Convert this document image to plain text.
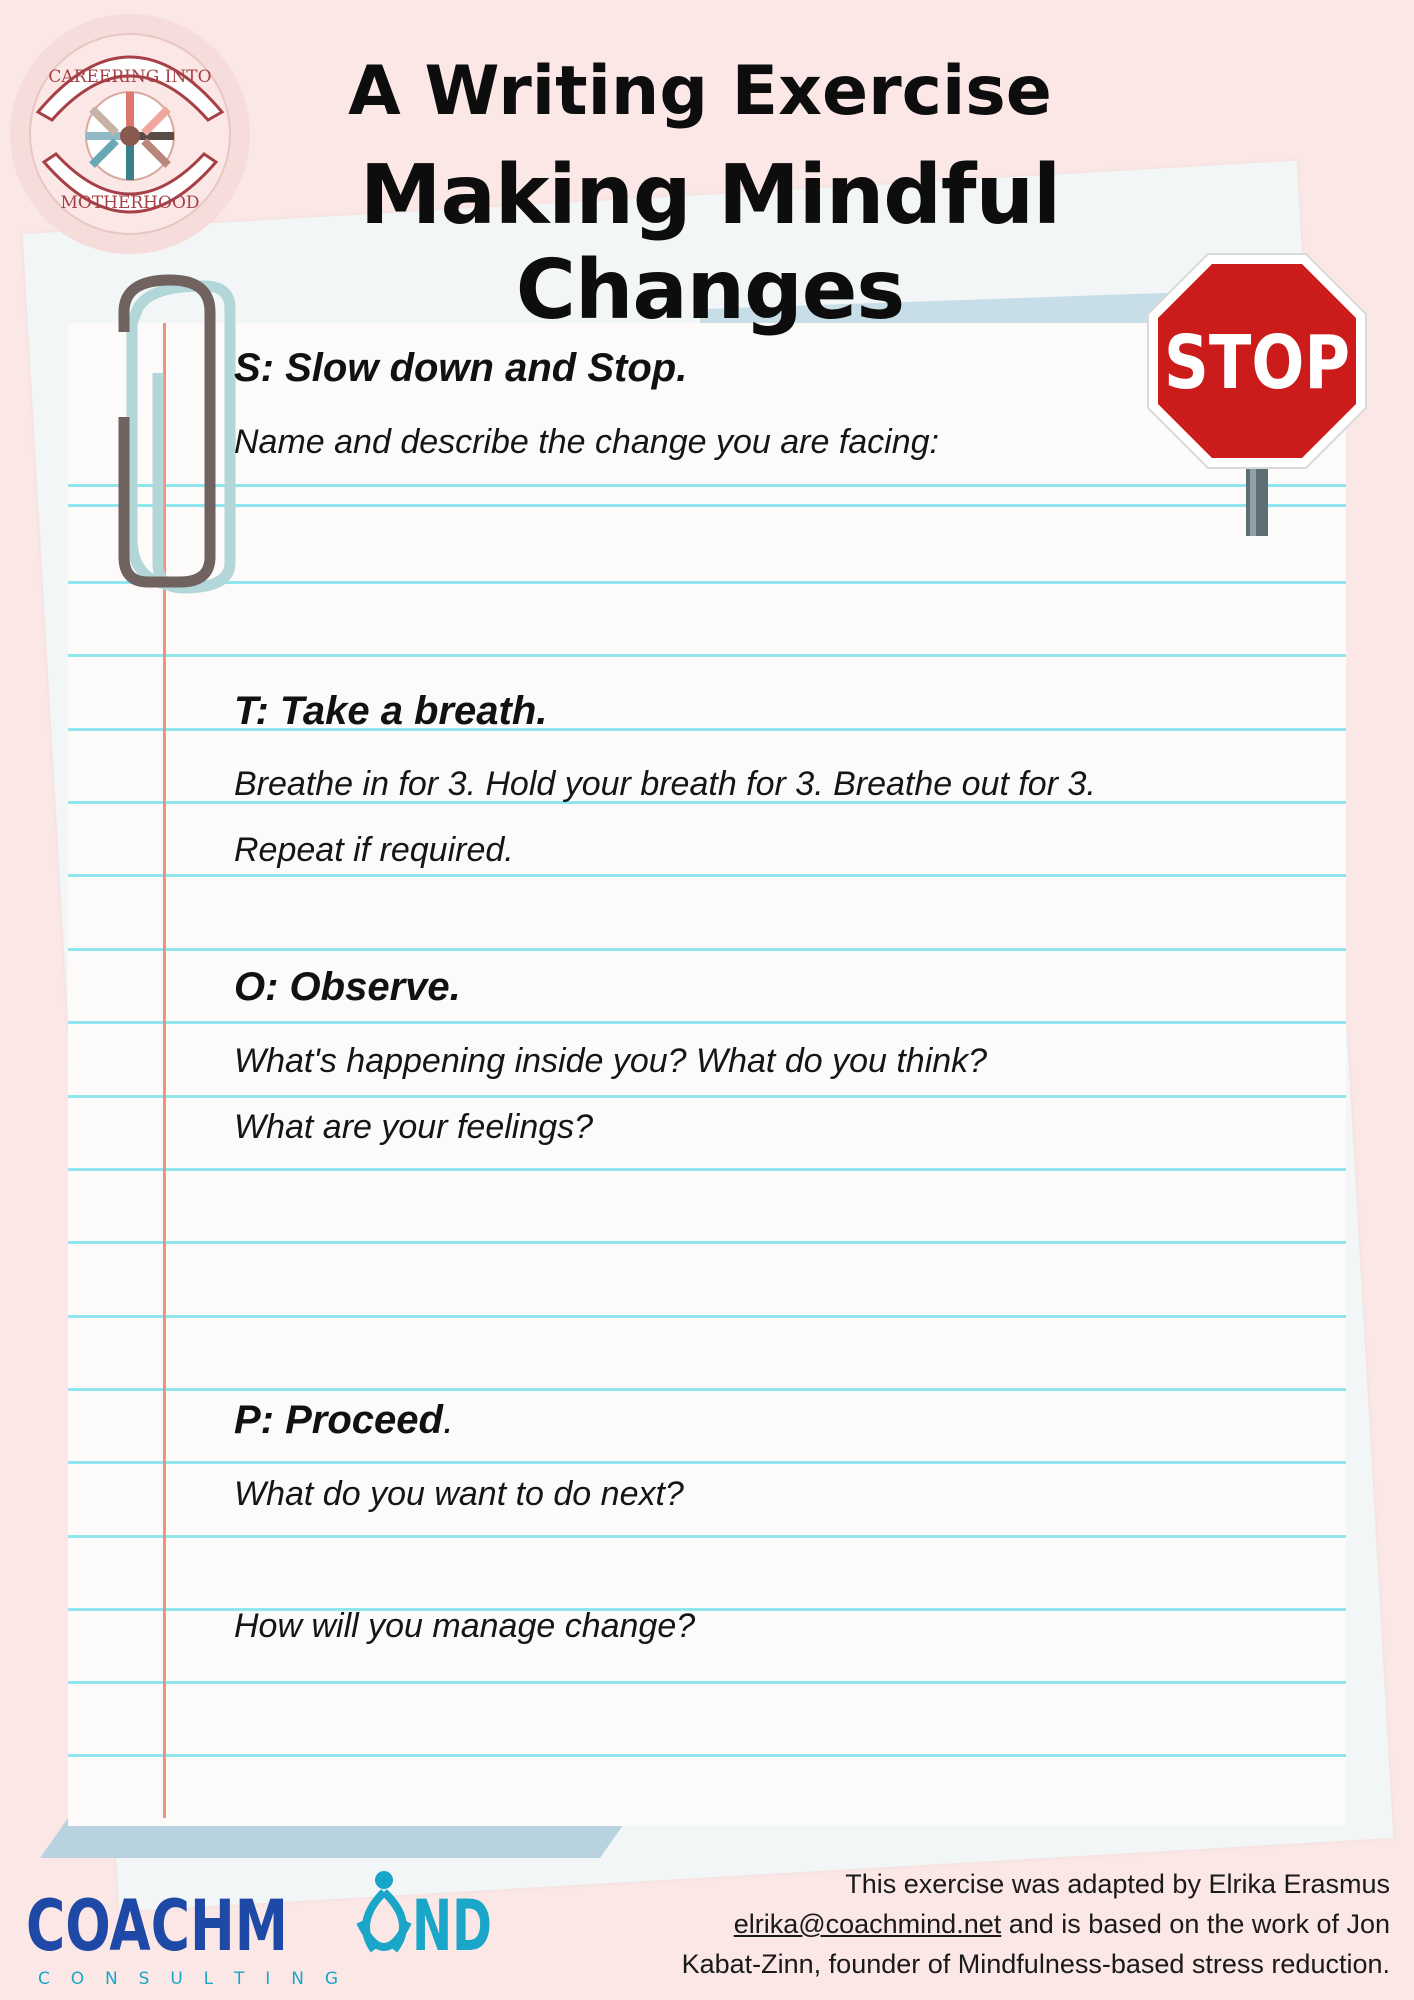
A Writing Exercise
Making Mindful Changes
CAREERING INTO
MOTHERHOOD
STOP
S: Slow down and Stop.
Name and describe the change you are facing:
T: Take a breath.
Breathe in for 3. Hold your breath for 3. Breathe out for 3.
Repeat if required.
O: Observe.
What's happening inside you? What do you think?
What are your feelings?
P: Proceed.
What do you want to do next?
How will you manage change?
This exercise was adapted by Elrika Erasmus
elrika@coachmind.net and is based on the work of Jon
Kabat-Zinn, founder of Mindfulness-based stress reduction.
COACHM ND
C O N S U L T I N G
